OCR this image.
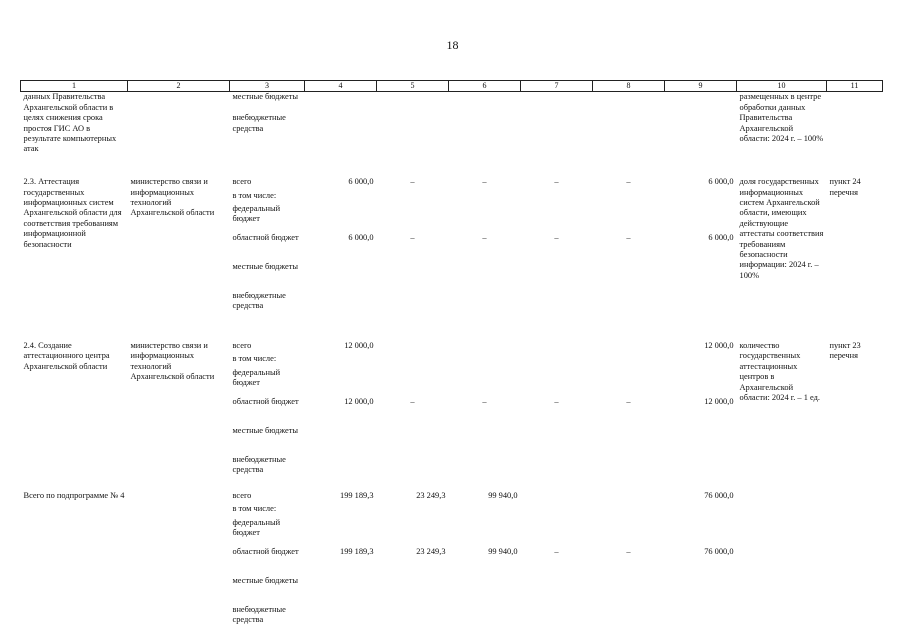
18
1	2	3	4	5	6	7	8	9	10	11
данных Правительства Архангельской области в целях снижения срока простоя ГИС АО в результате компьютерных атак		местные бюджеты							размещенных в центре обработки данных Правительства Архангельской области: 2024 г. – 100%	
		внебюджетные средства								

2.3. Аттестация государственных информационных систем Архангельской области для соответствия требованиям информационной безопасности	министерство связи и информационных технологий Архангельской области	всего	6 000,0	–	–	–	–	6 000,0	доля государственных информационных систем Архангельской области, имеющих действующие аттестаты соответствия требованиям безопасности информации: 2024 г. – 100%	пункт 24 перечня
		в том числе:								
		федеральный бюджет								
		областной бюджет	6 000,0	–	–	–	–	6 000,0		
		местные бюджеты								
		внебюджетные средства								

2.4. Создание аттестационного центра Архангельской области	министерство связи и информационных технологий Архангельской области	всего	12 000,0					12 000,0	количество государственных аттестационных центров в Архангельской области: 2024 г. – 1 ед.	пункт 23 перечня
		в том числе:								
		федеральный бюджет								
		областной бюджет	12 000,0	–	–	–	–	12 000,0		
		местные бюджеты								
		внебюджетные средства								

Всего по подпрограмме № 4		всего	199 189,3	23 249,3	99 940,0			76 000,0		
		в том числе:								
		федеральный бюджет								
		областной бюджет	199 189,3	23 249,3	99 940,0	–	–	76 000,0		
		местные бюджеты								
		внебюджетные средства								
